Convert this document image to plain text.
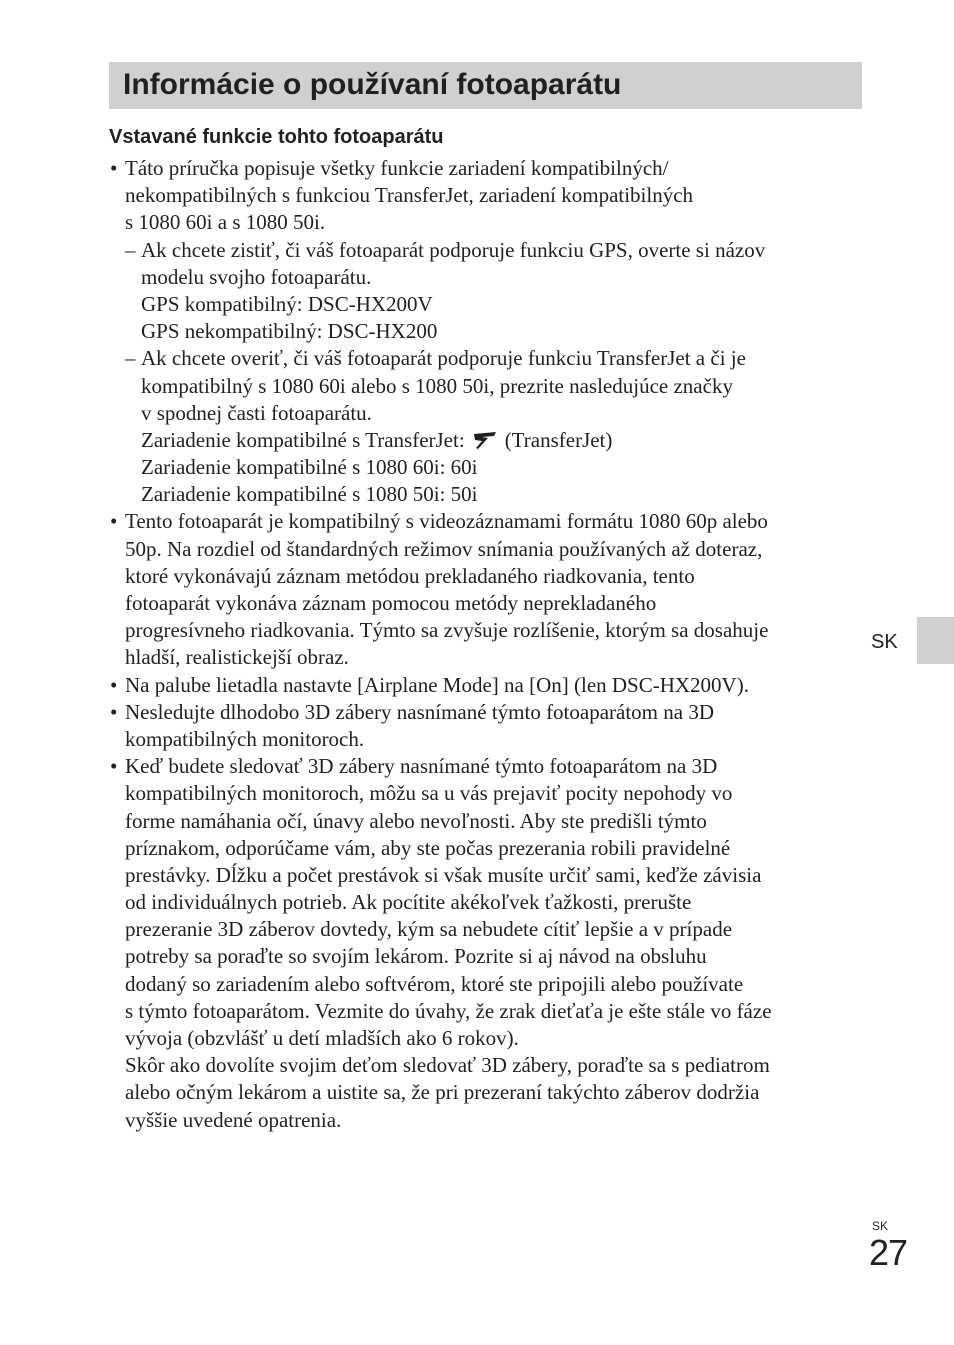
Informácie o používaní fotoaparátu
Vstavané funkcie tohto fotoaparátu
• Táto príručka popisuje všetky funkcie zariadení kompatibilných/
nekompatibilných s funkciou TransferJet, zariadení kompatibilných
s 1080 60i a s 1080 50i.
– Ak chcete zistiť, či váš fotoaparát podporuje funkciu GPS, overte si názov
modelu svojho fotoaparátu.
GPS kompatibilný: DSC-HX200V
GPS nekompatibilný: DSC-HX200
– Ak chcete overiť, či váš fotoaparát podporuje funkciu TransferJet a či je
kompatibilný s 1080 60i alebo s 1080 50i, prezrite nasledujúce značky
v spodnej časti fotoaparátu.
Zariadenie kompatibilné s TransferJet: (TransferJet)
Zariadenie kompatibilné s 1080 60i: 60i
Zariadenie kompatibilné s 1080 50i: 50i
• Tento fotoaparát je kompatibilný s videozáznamami formátu 1080 60p alebo
50p. Na rozdiel od štandardných režimov snímania používaných až doteraz,
ktoré vykonávajú záznam metódou prekladaného riadkovania, tento
fotoaparát vykonáva záznam pomocou metódy neprekladaného
progresívneho riadkovania. Týmto sa zvyšuje rozlíšenie, ktorým sa dosahuje
hladší, realistickejší obraz.
• Na palube lietadla nastavte [Airplane Mode] na [On] (len DSC-HX200V).
• Nesledujte dlhodobo 3D zábery nasnímané týmto fotoaparátom na 3D
kompatibilných monitoroch.
• Keď budete sledovať 3D zábery nasnímané týmto fotoaparátom na 3D
kompatibilných monitoroch, môžu sa u vás prejaviť pocity nepohody vo
forme namáhania očí, únavy alebo nevoľnosti. Aby ste predišli týmto
príznakom, odporúčame vám, aby ste počas prezerania robili pravidelné
prestávky. Dĺžku a počet prestávok si však musíte určiť sami, keďže závisia
od individuálnych potrieb. Ak pocítite akékoľvek ťažkosti, prerušte
prezeranie 3D záberov dovtedy, kým sa nebudete cítiť lepšie a v prípade
potreby sa poraďte so svojím lekárom. Pozrite si aj návod na obsluhu
dodaný so zariadením alebo softvérom, ktoré ste pripojili alebo používate
s týmto fotoaparátom. Vezmite do úvahy, že zrak dieťaťa je ešte stále vo fáze
vývoja (obzvlášť u detí mladších ako 6 rokov).
Skôr ako dovolíte svojim deťom sledovať 3D zábery, poraďte sa s pediatrom
alebo očným lekárom a uistite sa, že pri prezeraní takýchto záberov dodržia
vyššie uvedené opatrenia.
SK
SK
27
